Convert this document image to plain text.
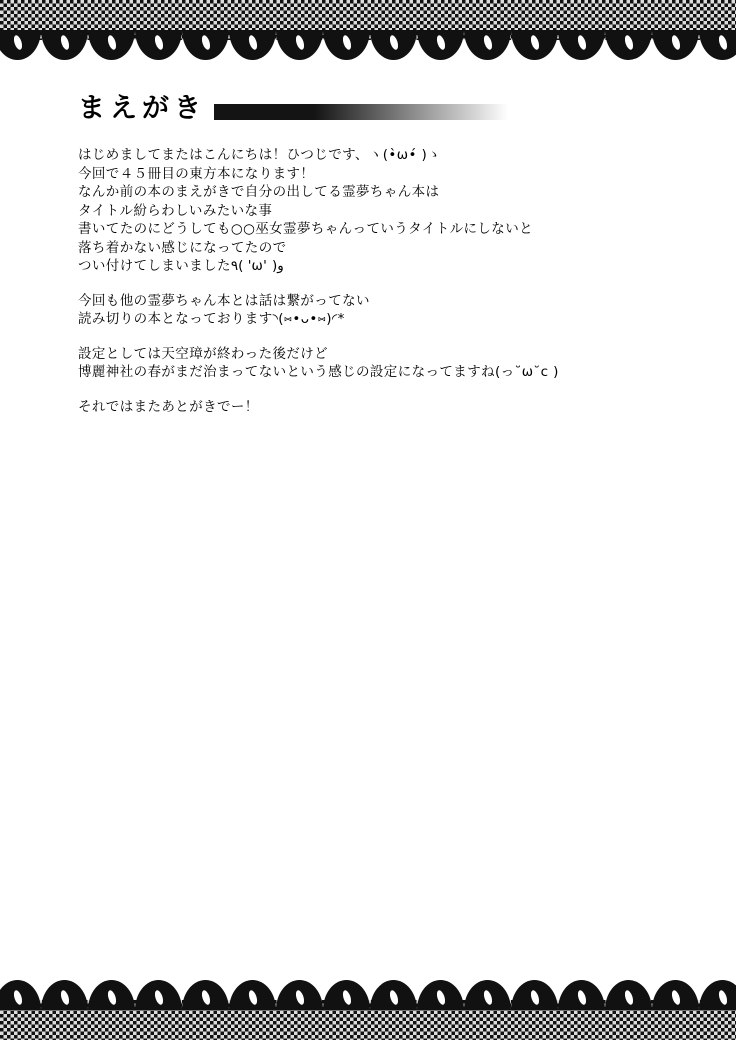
まえがき

はじめましてまたはこんにちは！ひつじです、ヽ(•̀ω•́ )ゝ
今回で４５冊目の東方本になります！
なんか前の本のまえがきで自分の出してる霊夢ちゃん本は
タイトル紛らわしいみたいな事
書いてたのにどうしても○○巫女霊夢ちゃんっていうタイトルにしないと
落ち着かない感じになってたので
つい付けてしまいました٩( 'ω' )و

今回も他の霊夢ちゃん本とは話は繋がってない
読み切りの本となっております◝(⑅•ᴗ•⑅)◜*

設定としては天空璋が終わった後だけど
博麗神社の春がまだ治まってないという感じの設定になってますね(っ˘ω˘c )

それではまたあとがきでー！
